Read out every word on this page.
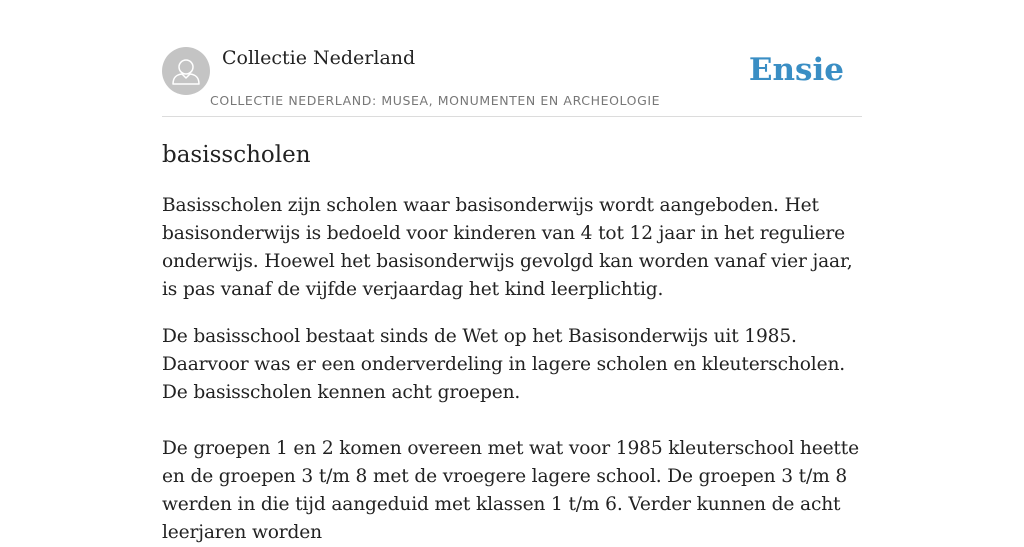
Collectie Nederland
COLLECTIE NEDERLAND: MUSEA, MONUMENTEN EN ARCHEOLOGIE
Ensie
basisscholen

Basisscholen zijn scholen waar basisonderwijs wordt aangeboden. Het basisonderwijs is bedoeld voor kinderen van 4 tot 12 jaar in het reguliere onderwijs. Hoewel het basisonderwijs gevolgd kan worden vanaf vier jaar, is pas vanaf de vijfde verjaardag het kind leerplichtig.

De basisschool bestaat sinds de Wet op het Basisonderwijs uit 1985. Daarvoor was er een onderverdeling in lagere scholen en kleuterscholen. De basisscholen kennen acht groepen.

De groepen 1 en 2 komen overeen met wat voor 1985 kleuterschool heette en de groepen 3 t/m 8 met de vroegere lagere school. De groepen 3 t/m 8 werden in die tijd aangeduid met klassen 1 t/m 6. Verder kunnen de acht leerjaren worden
